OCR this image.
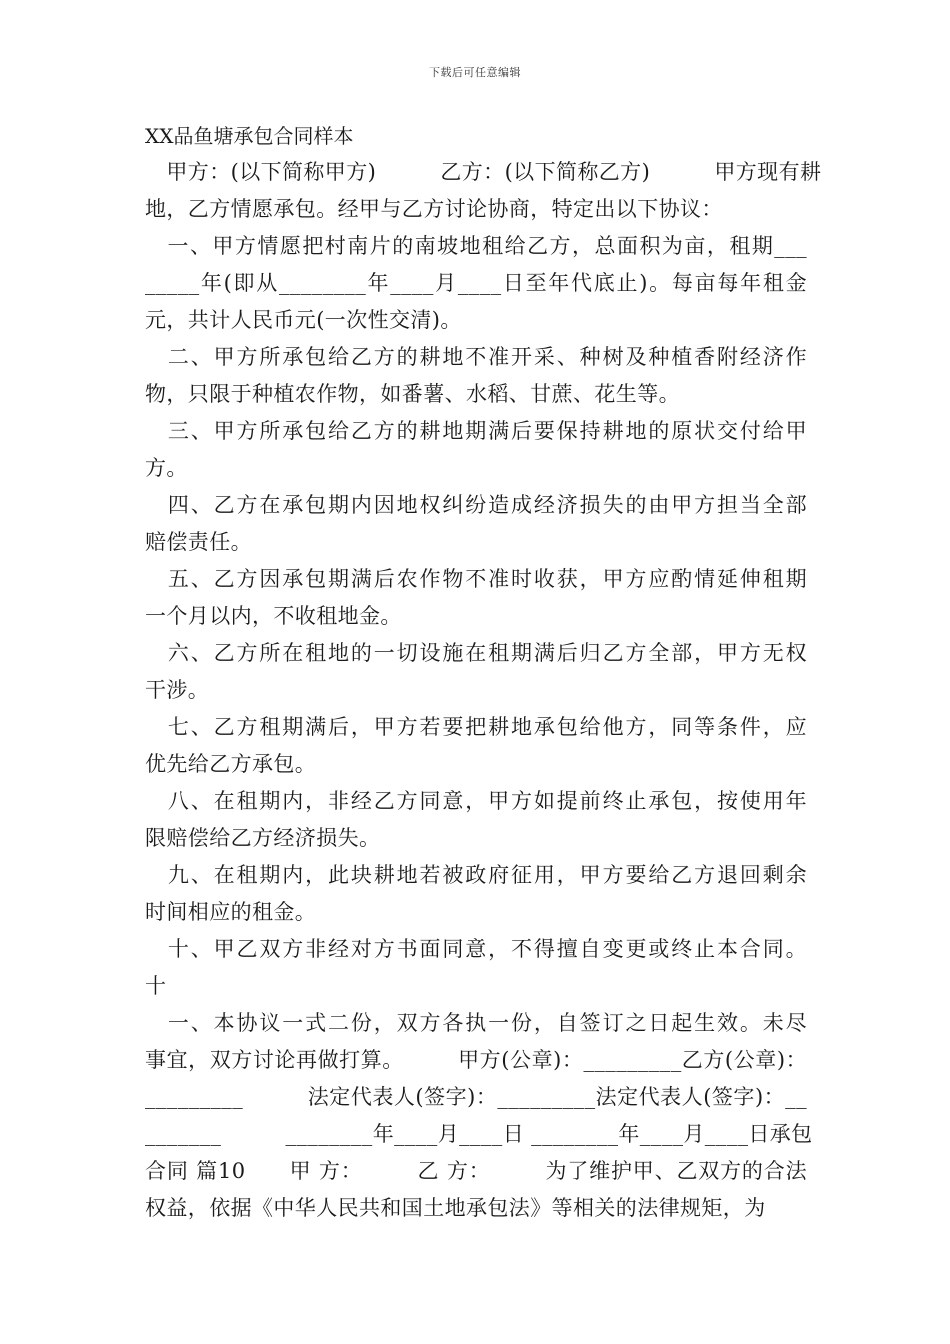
下载后可任意编辑
XX品鱼塘承包合同样本
　甲方：(以下简称甲方)　　　乙方：(以下简称乙方)　　　甲方现有耕
地，乙方情愿承包。经甲与乙方讨论协商，特定出以下协议：
　一、甲方情愿把村南片的南坡地租给乙方，总面积为亩，租期___
_____年(即从________年____月____日至年代底止)。每亩每年租金
元，共计人民币元(一次性交清)。
　二、甲方所承包给乙方的耕地不准开采、种树及种植香附经济作
物，只限于种植农作物，如番薯、水稻、甘蔗、花生等。
　三、甲方所承包给乙方的耕地期满后要保持耕地的原状交付给甲
方。
　四、乙方在承包期内因地权纠纷造成经济损失的由甲方担当全部
赔偿责任。
　五、乙方因承包期满后农作物不准时收获，甲方应酌情延伸租期
一个月以内，不收租地金。
　六、乙方所在租地的一切设施在租期满后归乙方全部，甲方无权
干涉。
　七、乙方租期满后，甲方若要把耕地承包给他方，同等条件，应
优先给乙方承包。
　八、在租期内，非经乙方同意，甲方如提前终止承包，按使用年
限赔偿给乙方经济损失。
　九、在租期内，此块耕地若被政府征用，甲方要给乙方退回剩余
时间相应的租金。
　十、甲乙双方非经对方书面同意，不得擅自变更或终止本合同。
十
　一、本协议一式二份，双方各执一份，自签订之日起生效。未尽
事宜，双方讨论再做打算。　　　甲方(公章)：_________乙方(公章)：
_________　　　法定代表人(签字)：_________法定代表人(签字)：__
_______　　　________年____月____日 ________年____月____日承包
合同 篇10　　甲 方：　　　乙 方：　　　为了维护甲、乙双方的合法
权益，依据《中华人民共和国土地承包法》等相关的法律规矩，为
